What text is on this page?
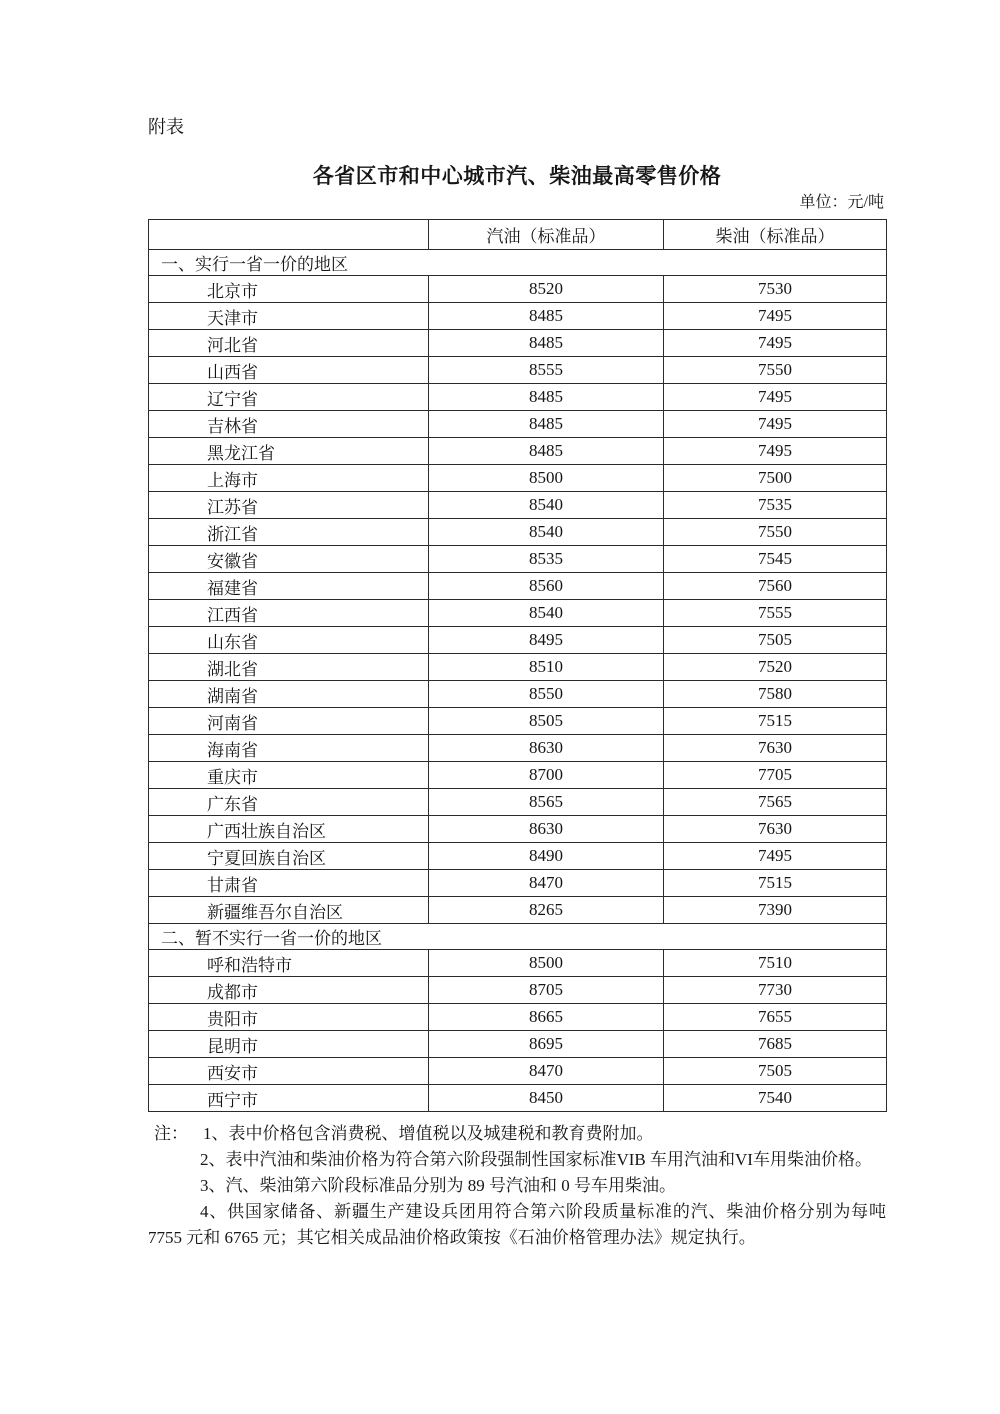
附表
各省区市和中心城市汽、柴油最高零售价格
单位：元/吨
	汽油（标准品）	柴油（标准品）
一、实行一省一价的地区		
北京市	8520	7530
天津市	8485	7495
河北省	8485	7495
山西省	8555	7550
辽宁省	8485	7495
吉林省	8485	7495
黑龙江省	8485	7495
上海市	8500	7500
江苏省	8540	7535
浙江省	8540	7550
安徽省	8535	7545
福建省	8560	7560
江西省	8540	7555
山东省	8495	7505
湖北省	8510	7520
湖南省	8550	7580
河南省	8505	7515
海南省	8630	7630
重庆市	8700	7705
广东省	8565	7565
广西壮族自治区	8630	7630
宁夏回族自治区	8490	7495
甘肃省	8470	7515
新疆维吾尔自治区	8265	7390
二、暂不实行一省一价的地区		
呼和浩特市	8500	7510
成都市	8705	7730
贵阳市	8665	7655
昆明市	8695	7685
西安市	8470	7505
西宁市	8450	7540

注： 1、表中价格包含消费税、增值税以及城建税和教育费附加。

2、表中汽油和柴油价格为符合第六阶段强制性国家标准VIB 车用汽油和VI车用柴油价格。

3、汽、柴油第六阶段标准品分别为 89 号汽油和 0 号车用柴油。

4、供国家储备、新疆生产建设兵团用符合第六阶段质量标准的汽、柴油价格分别为每吨 7755 元和 6765 元；其它相关成品油价格政策按《石油价格管理办法》规定执行。
